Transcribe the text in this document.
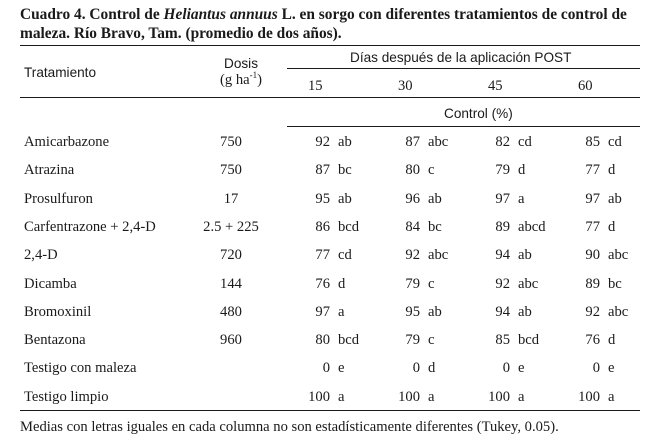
Cuadro 4. Control de Heliantus annuus L. en sorgo con diferentes tratamientos de control de maleza. Río Bravo, Tam. (promedio de dos años).
Tratamiento
Dosis
(g $ha^{-1}$)
Días después de la aplicación POST
15	30	45	60
Control (%)
Amicarbazone	750	92 ab	87 abc	82 cd	85 cd
Atrazina	750	87 bc	80 c	79 d	77 d
Prosulfuron	17	95 ab	96 ab	97 a	97 ab
Carfentrazone + 2,4-D	2.5 + 225	86 bcd	84 bc	89 abcd	77 d
2,4-D	720	77 cd	92 abc	94 ab	90 abc
Dicamba	144	76 d	79 c	92 abc	89 bc
Bromoxinil	480	97 a	95 ab	94 ab	92 abc
Bentazona	960	80 bcd	79 c	85 bcd	76 d
Testigo con maleza	0 e	0 d	0 e	0 e
Testigo limpio	100 a	100 a	100 a	100 a
Medias con letras iguales en cada columna no son estadísticamente diferentes (Tukey, 0.05).
